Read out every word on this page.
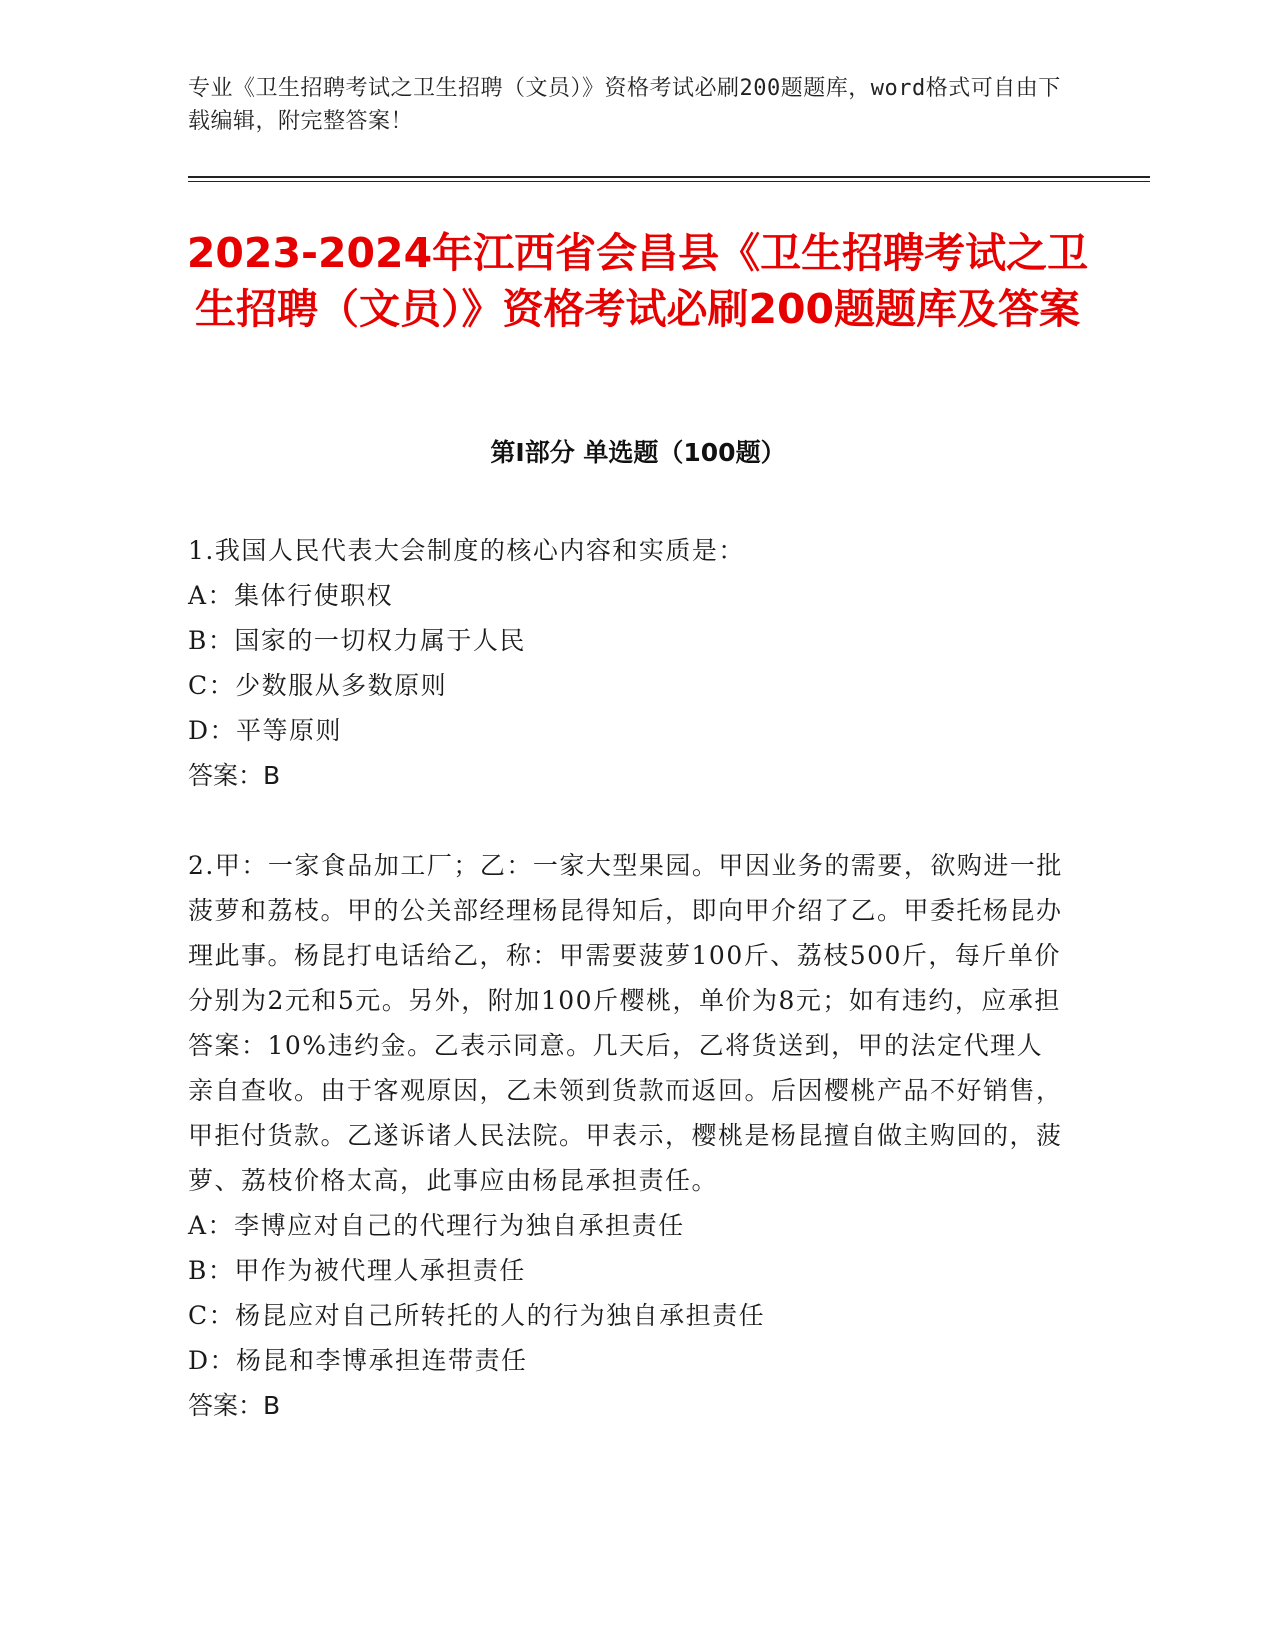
专业《卫生招聘考试之卫生招聘（文员）》资格考试必刷200题题库，word格式可自由下载编辑，附完整答案！
2023-2024年江西省会昌县《卫生招聘考试之卫生招聘（文员）》资格考试必刷200题题库及答案
第Ⅰ部分 单选题（100题）

1.我国人民代表大会制度的核心内容和实质是：

A： 集体行使职权

B： 国家的一切权力属于人民

C： 少数服从多数原则

D： 平等原则

答案：B

2.甲：一家食品加工厂；乙：一家大型果园。甲因业务的需要，欲购进一批菠萝和荔枝。甲的公关部经理杨昆得知后，即向甲介绍了乙。甲委托杨昆办理此事。杨昆打电话给乙，称：甲需要菠萝100斤、荔枝500斤，每斤单价分别为2元和5元。另外，附加100斤樱桃，单价为8元；如有违约，应承担答案：10%违约金。乙表示同意。几天后，乙将货送到，甲的法定代理人亲自查收。由于客观原因，乙未领到货款而返回。后因樱桃产品不好销售，甲拒付货款。乙遂诉诸人民法院。甲表示，樱桃是杨昆擅自做主购回的，菠萝、荔枝价格太高，此事应由杨昆承担责任。

A： 李博应对自己的代理行为独自承担责任

B： 甲作为被代理人承担责任

C： 杨昆应对自己所转托的人的行为独自承担责任

D： 杨昆和李博承担连带责任

答案：B
